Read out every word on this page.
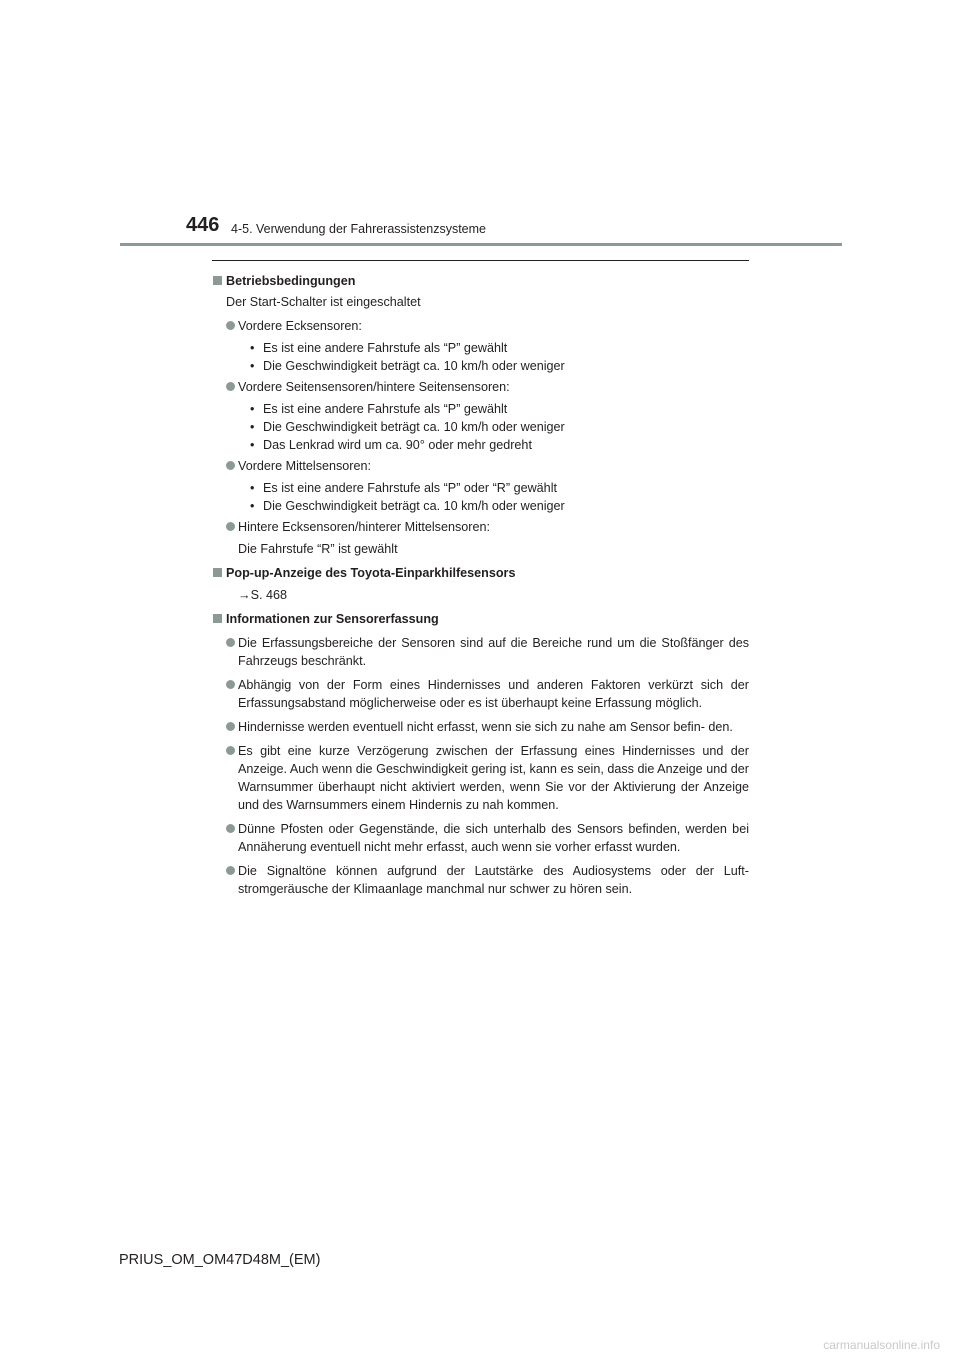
446 4-5. Verwendung der Fahrerassistenzsysteme
Betriebsbedingungen
Der Start-Schalter ist eingeschaltet
Vordere Ecksensoren:
• Es ist eine andere Fahrstufe als “P” gewählt
• Die Geschwindigkeit beträgt ca. 10 km/h oder weniger
Vordere Seitensensoren/hintere Seitensensoren:
• Es ist eine andere Fahrstufe als “P” gewählt
• Die Geschwindigkeit beträgt ca. 10 km/h oder weniger
• Das Lenkrad wird um ca. 90° oder mehr gedreht
Vordere Mittelsensoren:
• Es ist eine andere Fahrstufe als “P” oder “R” gewählt
• Die Geschwindigkeit beträgt ca. 10 km/h oder weniger
Hintere Ecksensoren/hinterer Mittelsensoren:
Die Fahrstufe “R” ist gewählt
Pop-up-Anzeige des Toyota-Einparkhilfesensors
→S. 468
Informationen zur Sensorerfassung
Die Erfassungsbereiche der Sensoren sind auf die Bereiche rund um die Stoßfänger des Fahrzeugs beschränkt.
Abhängig von der Form eines Hindernisses und anderen Faktoren verkürzt sich der Erfassungsabstand möglicherweise oder es ist überhaupt keine Erfassung möglich.
Hindernisse werden eventuell nicht erfasst, wenn sie sich zu nahe am Sensor befin- den.
Es gibt eine kurze Verzögerung zwischen der Erfassung eines Hindernisses und der Anzeige. Auch wenn die Geschwindigkeit gering ist, kann es sein, dass die Anzeige und der Warnsummer überhaupt nicht aktiviert werden, wenn Sie vor der Aktivierung der Anzeige und des Warnsummers einem Hindernis zu nah kommen.
Dünne Pfosten oder Gegenstände, die sich unterhalb des Sensors befinden, werden bei Annäherung eventuell nicht mehr erfasst, auch wenn sie vorher erfasst wurden.
Die Signaltöne können aufgrund der Lautstärke des Audiosystems oder der Luft- stromgeräusche der Klimaanlage manchmal nur schwer zu hören sein.
PRIUS_OM_OM47D48M_(EM)
carmanualsonline.info
